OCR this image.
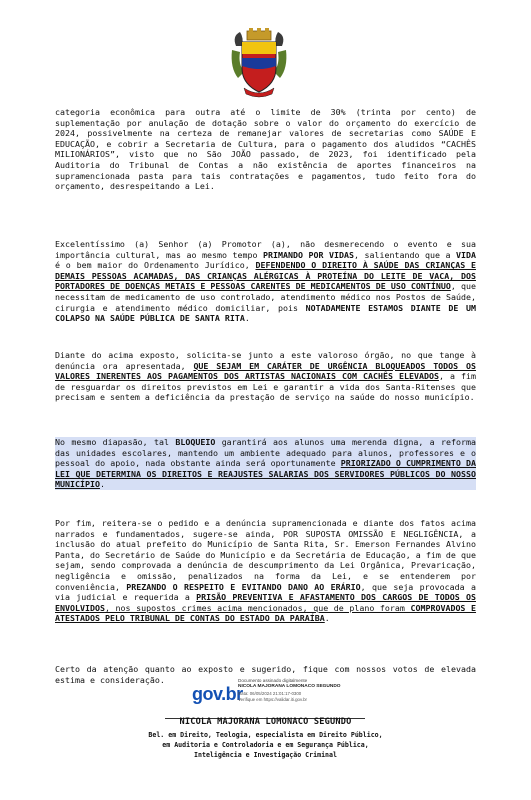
categoria econômica para outra até o limite de 30% (trinta por cento) de suplementação por anulação de dotação sobre o valor do orçamento do exercício de 2024, possivelmente na certeza de remanejar valores de secretarias como SAÚDE E EDUCAÇÃO, e cobrir a Secretaria de Cultura, para o pagamento dos aludidos “CACHÊS MILIONÁRIOS”, visto que no São JOÃO passado, de 2023, foi identificado pela Auditoria do Tribunal de Contas a não existência de aportes financeiros na supramencionada pasta para tais contratações e pagamentos, tudo feito fora do orçamento, desrespeitando a Lei.

Excelentíssimo (a) Senhor (a) Promotor (a), não desmerecendo o evento e sua importância cultural, mas ao mesmo tempo PRIMANDO POR VIDAS, salientando que a VIDA é o bem maior do Ordenamento Jurídico, DEFENDENDO O DIREITO À SAÚDE DAS CRIANÇAS E DEMAIS PESSOAS ACAMADAS, DAS CRIANÇAS ALÉRGICAS À PROTEÍNA DO LEITE DE VACA, DOS PORTADORES DE DOENÇAS METAIS E PESSOAS CARENTES DE MEDICAMENTOS DE USO CONTÍNUO, que necessitam de medicamento de uso controlado, atendimento médico nos Postos de Saúde, cirurgia e atendimento médico domiciliar, pois NOTADAMENTE ESTAMOS DIANTE DE UM COLAPSO NA SAÚDE PÚBLICA DE SANTA RITA.

Diante do acima exposto, solicita-se junto a este valoroso órgão, no que tange à denúncia ora apresentada, QUE SEJAM EM CARÁTER DE URGÊNCIA BLOQUEADOS TODOS OS VALORES INERENTES AOS PAGAMENTOS DOS ARTISTAS NACIONAIS COM CACHÊS ELEVADOS, a fim de resguardar os direitos previstos em Lei e garantir a vida dos Santa-Ritenses que precisam e sentem a deficiência da prestação de serviço na saúde do nosso município.

No mesmo diapasão, tal BLOQUEIO garantirá aos alunos uma merenda digna, a reforma das unidades escolares, mantendo um ambiente adequado para alunos, professores e o pessoal do apoio, nada obstante ainda será oportunamente PRIORIZADO O CUMPRIMENTO DA LEI QUE DETERMINA OS DIREITOS E REAJUSTES SALARIAS DOS SERVIDORES PÚBLICOS DO NOSSO MUNICÍPIO.

Por fim, reitera-se o pedido e a denúncia supramencionada e diante dos fatos acima narrados e fundamentados, sugere-se ainda, POR SUPOSTA OMISSÃO E NEGLIGÊNCIA, a inclusão do atual prefeito do Município de Santa Rita, Sr. Emerson Fernandes Alvino Panta, do Secretário de Saúde do Município e da Secretária de Educação, a fim de que sejam, sendo comprovada a denúncia de descumprimento da Lei Orgânica, Prevaricação, negligência e omissão, penalizados na forma da Lei, e se entenderem por conveniência, PREZANDO O RESPEITO E EVITANDO DANO AO ERÁRIO, que seja provocada a via judicial e requerida a PRISÃO PREVENTIVA E AFASTAMENTO DOS CARGOS DE TODOS OS ENVOLVIDOS, nos supostos crimes acima mencionados, que de plano foram COMPROVADOS E ATESTADOS PELO TRIBUNAL DE CONTAS DO ESTADO DA PARAÍBA.

Certo da atenção quanto ao exposto e sugerido, fique com nossos votos de elevada estima e consideração.

gov.br
Documento assinado digitalmente
NICOLA MAJORANA LOMONACO SEGUNDO
Data: 06/05/2024 21:01:17-0300
Verifique em https://validar.iti.gov.br
NICOLA MAJORANA LOMONACO SEGUNDO
Bel. em Direito, Teologia, especialista em Direito Público,
em Auditoria e Controladoria e em Segurança Pública,
Inteligência e Investigação Criminal
